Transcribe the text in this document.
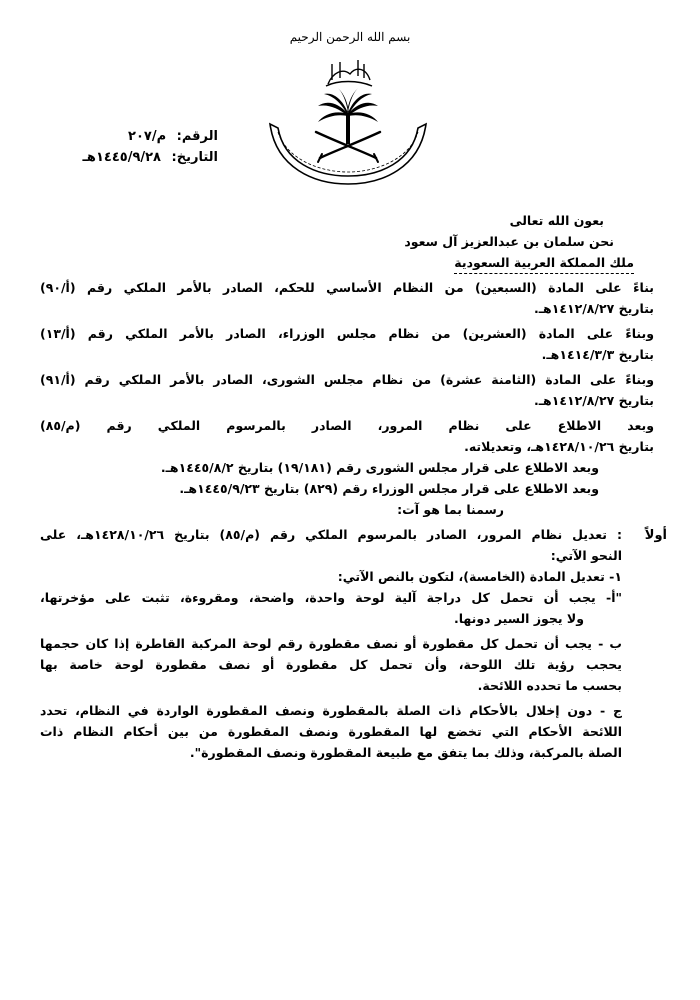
بسم الله الرحمن الرحيم
الرقم: م/٢٠٧
التاريخ: ١٤٤٥/٩/٢٨هـ
بعون الله تعالى
نحن سلمان بن عبدالعزيز آل سعود
ملك المملكة العربية السعودية
بناءً على المادة (السبعين) من النظام الأساسي للحكم، الصادر بالأمر الملكي رقم (أ/٩٠)
بتاريخ ١٤١٢/٨/٢٧هـ.
وبناءً على المادة (العشرين) من نظام مجلس الوزراء، الصادر بالأمر الملكي رقم (أ/١٣)
بتاريخ ١٤١٤/٣/٣هـ.
وبناءً على المادة (الثامنة عشرة) من نظام مجلس الشورى، الصادر بالأمر الملكي رقم (أ/٩١)
بتاريخ ١٤١٢/٨/٢٧هـ.
وبعد الاطلاع على نظام المرور، الصادر بالمرسوم الملكي رقم (م/٨٥)
بتاريخ ١٤٢٨/١٠/٢٦هـ، وتعديلاته.
وبعد الاطلاع على قرار مجلس الشورى رقم (١٩/١٨١) بتاريخ ١٤٤٥/٨/٢هـ.
وبعد الاطلاع على قرار مجلس الوزراء رقم (٨٢٩) بتاريخ ١٤٤٥/٩/٢٣هـ.
رسمنا بما هو آت:
أولاً
: تعديل نظام المرور، الصادر بالمرسوم الملكي رقم (م/٨٥) بتاريخ ١٤٢٨/١٠/٢٦هـ، على
النحو الآتي:
١- تعديل المادة (الخامسة)، لتكون بالنص الآتي:
"أ- يجب أن تحمل كل دراجة آلية لوحة واحدة، واضحة، ومقروءة، تثبت على مؤخرتها،
ولا يجوز السير دونها.
ب - يجب أن تحمل كل مقطورة أو نصف مقطورة رقم لوحة المركبة القاطرة إذا كان حجمها
يحجب رؤية تلك اللوحة، وأن تحمل كل مقطورة أو نصف مقطورة لوحة خاصة بها
بحسب ما تحدده اللائحة.
ج - دون إخلال بالأحكام ذات الصلة بالمقطورة ونصف المقطورة الواردة في النظام، تحدد
اللائحة الأحكام التي تخضع لها المقطورة ونصف المقطورة من بين أحكام النظام ذات
الصلة بالمركبة، وذلك بما يتفق مع طبيعة المقطورة ونصف المقطورة".
